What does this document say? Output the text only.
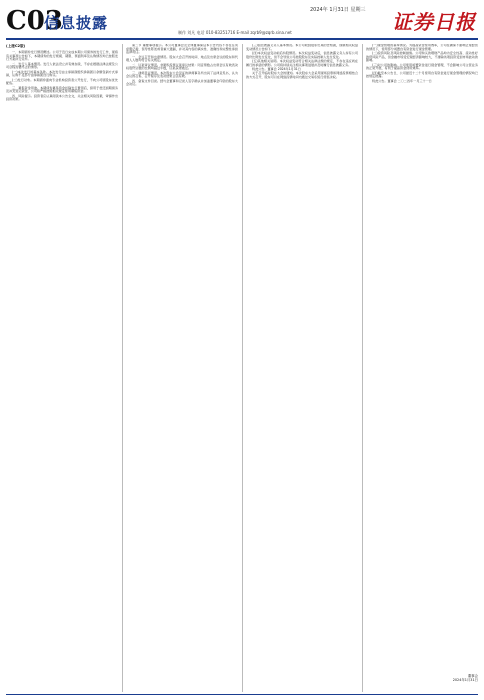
C03
信息披露
2024年 1月31日 星期三 证券日报
制作 刘凡 电话 010-83251716 E-mail zqrb9@zqrb.sina.net
(上接C2版)

一、本期债券发行情况概述。公司于近日完成本期公司债券的发行工作，现将有关事项公告如下，本期债券的发行规模、期限、票面利率及认购情况均已按照发行方案执行完毕。

二、发行人基本情况。发行人依法设立并有效存续，不存在根据法律法规及公司章程需要终止的情形。

(一)本次发行的基本条款。本次发行由主承销商组织承销团以余额包销方式承销，认购不足部分由承销团自行购买。

(二)发行对象。本期债券面向专业机构投资者公开发行，不向公司原股东优先配售。

三、募集资金用途。本期债券募集资金扣除发行费用后，拟用于偿还到期债务及补充营运资金，公司将严格按照相关规定使用募集资金。

四、风险提示。投资者应认真阅读本公告全文，关注相关风险因素，审慎作出投资决策。

第二节 重要事项提示。本公司董事会及全体董事保证本公告内容不存在任何虚假记载、误导性陈述或者重大遗漏，并对其内容的真实性、准确性和完整性承担法律责任。

一、会议召开和出席情况。股东大会召开的时间、地点及出席会议的股东和代理人人数均符合有关规定。

二、议案审议情况。非累积投票议案审议结果：同意票数占出席会议有效表决权股份总数的比例均超过半数，议案获得通过。

三、律师见证情况。本次股东大会见证的律师事务所出具了法律意见书，认为会议的召集、召开程序及表决结果合法有效。

四、备查文件目录。经与会董事和记录人签字确认并加盖董事会印章的股东大会决议。

(三)信息披露义务人基本情况。本公司收到股东出具的告知函，现就相关权益变动情况公告如下。

(四)本次权益变动前后持股情况。本次权益变动后，信息披露义务人持有公司股份比例发生变化，但不会导致公司控股股东及实际控制人发生变化。

(五)其他相关说明。本次权益变动符合相关法律法规的规定，不存在违反尚在履行的承诺的情形。公司将持续关注相关事项进展并及时履行信息披露义务。

特此公告。董事会 2024年1月31日

关于召开临时股东大会的通知。本次股东大会采用现场投票和网络投票相结合的方式召开，股东可以在网络投票时间内通过交易系统行使表决权。

(一)现金管理的基本情况。为提高资金使用效率，公司在确保不影响正常经营的情况下，使用部分闲置自有资金进行现金管理。

(二)投资风险及风险控制措施。公司购买的理财产品均为安全性高、流动性好的低风险产品，但金融市场受宏观经济影响较大，不排除该项投资受到市场波动的影响。

(三)对公司的影响。公司使用闲置资金进行现金管理，不会影响公司主营业务的正常开展，有利于提高资金使用效率。

(四)截至本公告日，公司最近十二个月使用自有资金进行现金管理的情况均已按规定披露。

特此公告。董事会 二〇二四年一月三十一日

董事会
2024年1月31日
